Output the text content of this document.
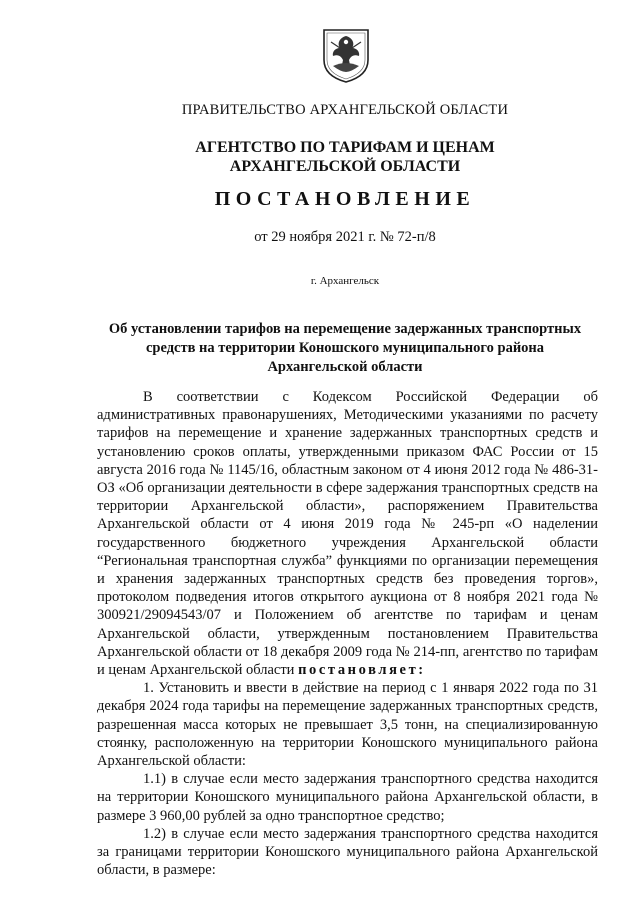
ПРАВИТЕЛЬСТВО АРХАНГЕЛЬСКОЙ ОБЛАСТИ
АГЕНТСТВО ПО ТАРИФАМ И ЦЕНАМ
АРХАНГЕЛЬСКОЙ ОБЛАСТИ
ПОСТАНОВЛЕНИЕ
от 29 ноября 2021 г. № 72-п/8
г. Архангельск
Об установлении тарифов на перемещение задержанных транспортных
средств на территории Коношского муниципального района
Архангельской области

В соответствии с Кодексом Российской Федерации об административных правонарушениях, Методическими указаниями по расчету тарифов на перемещение и хранение задержанных транспортных средств и установлению сроков оплаты, утвержденными приказом ФАС России от 15 августа 2016 года № 1145/16, областным законом от 4 июня 2012 года № 486-31-ОЗ «Об организации деятельности в сфере задержания транспортных средств на территории Архангельской области», распоряжением Правительства Архангельской области от 4 июня 2019 года № 245-рп «О наделении государственного бюджетного учреждения Архангельской области “Региональная транспортная служба” функциями по организации перемещения и хранения задержанных транспортных средств без проведения торгов», протоколом подведения итогов открытого аукциона от 8 ноября 2021 года № 300921/29094543/07 и Положением об агентстве по тарифам и ценам Архангельской области, утвержденным постановлением Правительства Архангельской области от 18 декабря 2009 года № 214-пп, агентство по тарифам и ценам Архангельской области постановляет:

1. Установить и ввести в действие на период с 1 января 2022 года по 31 декабря 2024 года тарифы на перемещение задержанных транспортных средств, разрешенная масса которых не превышает 3,5 тонн, на специализированную стоянку, расположенную на территории Коношского муниципального района Архангельской области:

1.1) в случае если место задержания транспортного средства находится на территории Коношского муниципального района Архангельской области, в размере 3 960,00 рублей за одно транспортное средство;

1.2) в случае если место задержания транспортного средства находится за границами территории Коношского муниципального района Архангельской области, в размере:
